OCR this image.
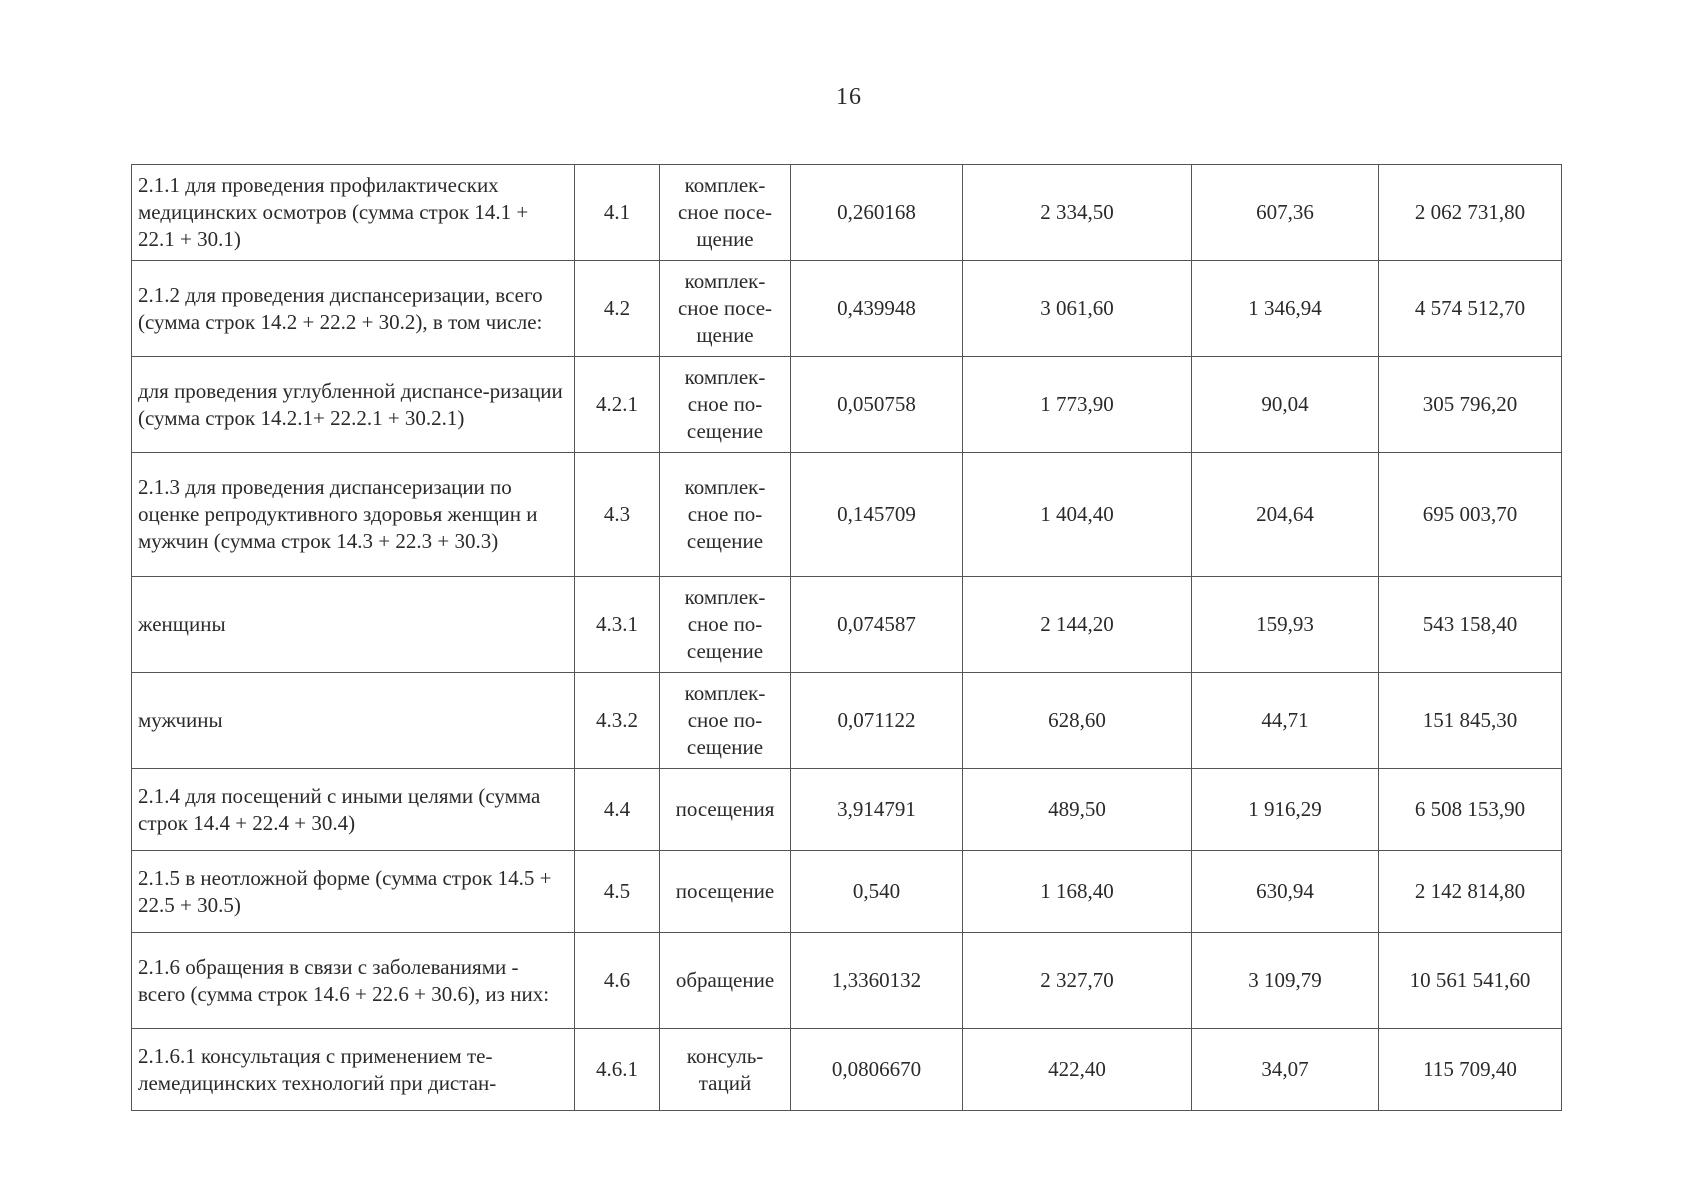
16
2.1.1 для проведения профилактических медицинских осмотров (сумма строк 14.1 + 22.1 + 30.1)	4.1	комплек-сное посе-щение	0,260168	2 334,50	607,36	2 062 731,80
2.1.2 для проведения диспансеризации, всего (сумма строк 14.2 + 22.2 + 30.2), в том числе:	4.2	комплек-сное посе-щение	0,439948	3 061,60	1 346,94	4 574 512,70
для проведения углубленной диспансе-ризации (сумма строк 14.2.1+ 22.2.1 + 30.2.1)	4.2.1	комплек-сное по-сещение	0,050758	1 773,90	90,04	305 796,20
2.1.3 для проведения диспансеризации по оценке репродуктивного здоровья женщин и мужчин (сумма строк 14.3 + 22.3 + 30.3)	4.3	комплек-сное по-сещение	0,145709	1 404,40	204,64	695 003,70
женщины	4.3.1	комплек-сное по-сещение	0,074587	2 144,20	159,93	543 158,40
мужчины	4.3.2	комплек-сное по-сещение	0,071122	628,60	44,71	151 845,30
2.1.4 для посещений с иными целями (сумма строк 14.4 + 22.4 + 30.4)	4.4	посещения	3,914791	489,50	1 916,29	6 508 153,90
2.1.5 в неотложной форме (сумма строк 14.5 + 22.5 + 30.5)	4.5	посещение	0,540	1 168,40	630,94	2 142 814,80
2.1.6 обращения в связи с заболеваниями - всего (сумма строк 14.6 + 22.6 + 30.6), из них:	4.6	обращение	1,3360132	2 327,70	3 109,79	10 561 541,60
2.1.6.1 консультация с применением те-лемедицинских технологий при дистан-	4.6.1	консуль-таций	0,0806670	422,40	34,07	115 709,40
